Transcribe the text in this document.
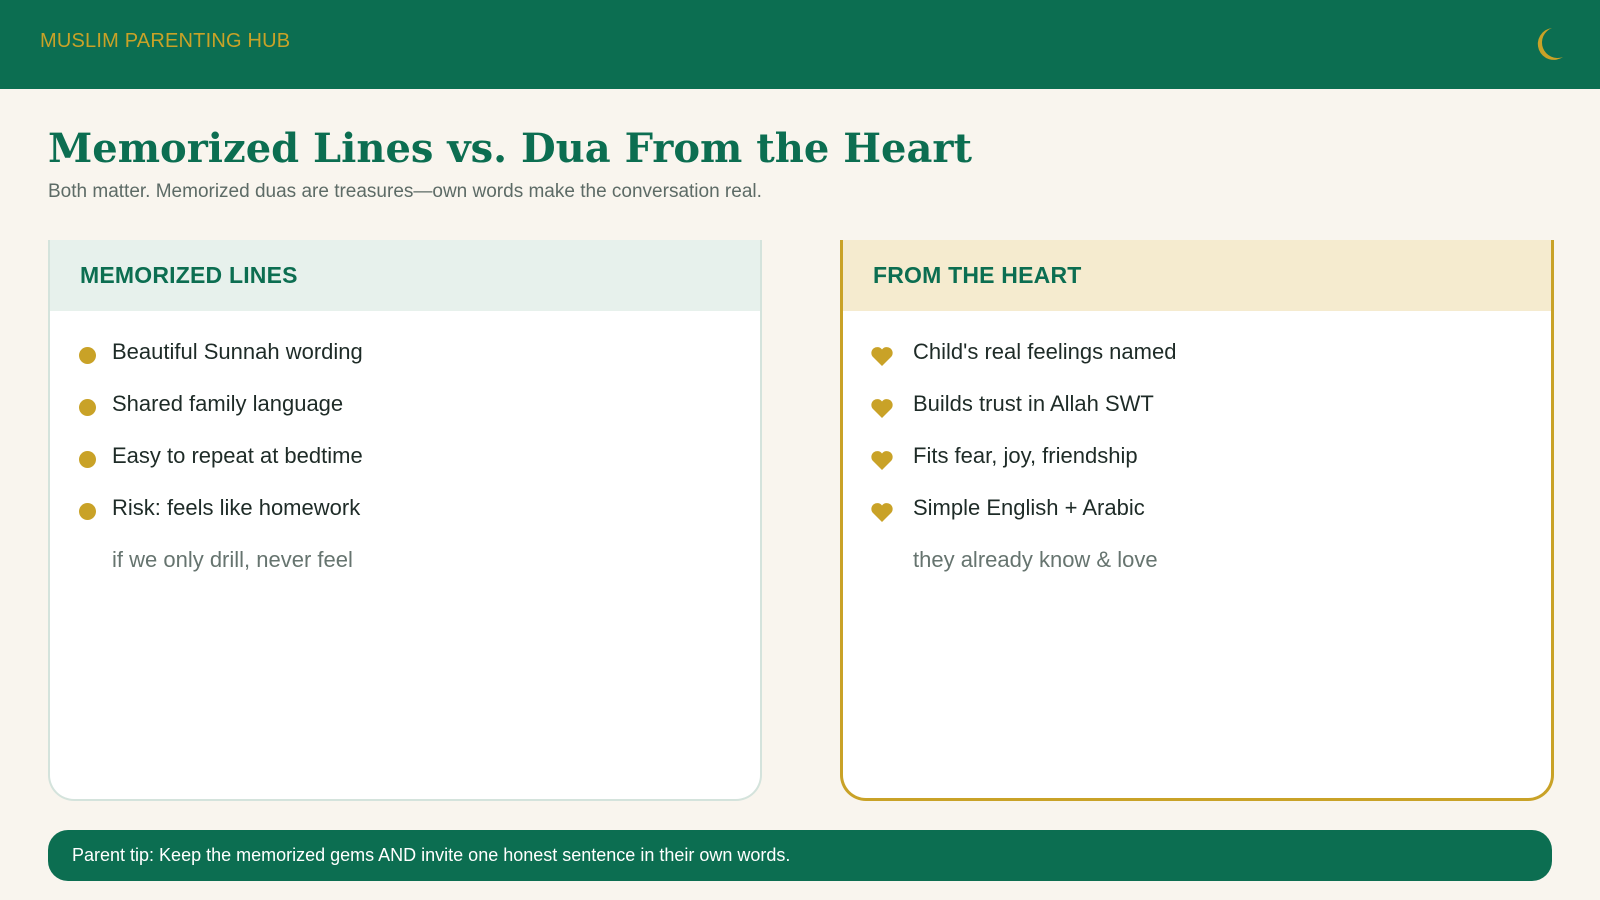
MUSLIM PARENTING HUB
Memorized Lines vs. Dua From the Heart
Both matter. Memorized duas are treasures—own words make the conversation real.
MEMORIZED LINES
Beautiful Sunnah wording
Shared family language
Easy to repeat at bedtime
Risk: feels like homework
if we only drill, never feel
FROM THE HEART
Child's real feelings named
Builds trust in Allah SWT
Fits fear, joy, friendship
Simple English + Arabic
they already know & love
Parent tip: Keep the memorized gems AND invite one honest sentence in their own words.
